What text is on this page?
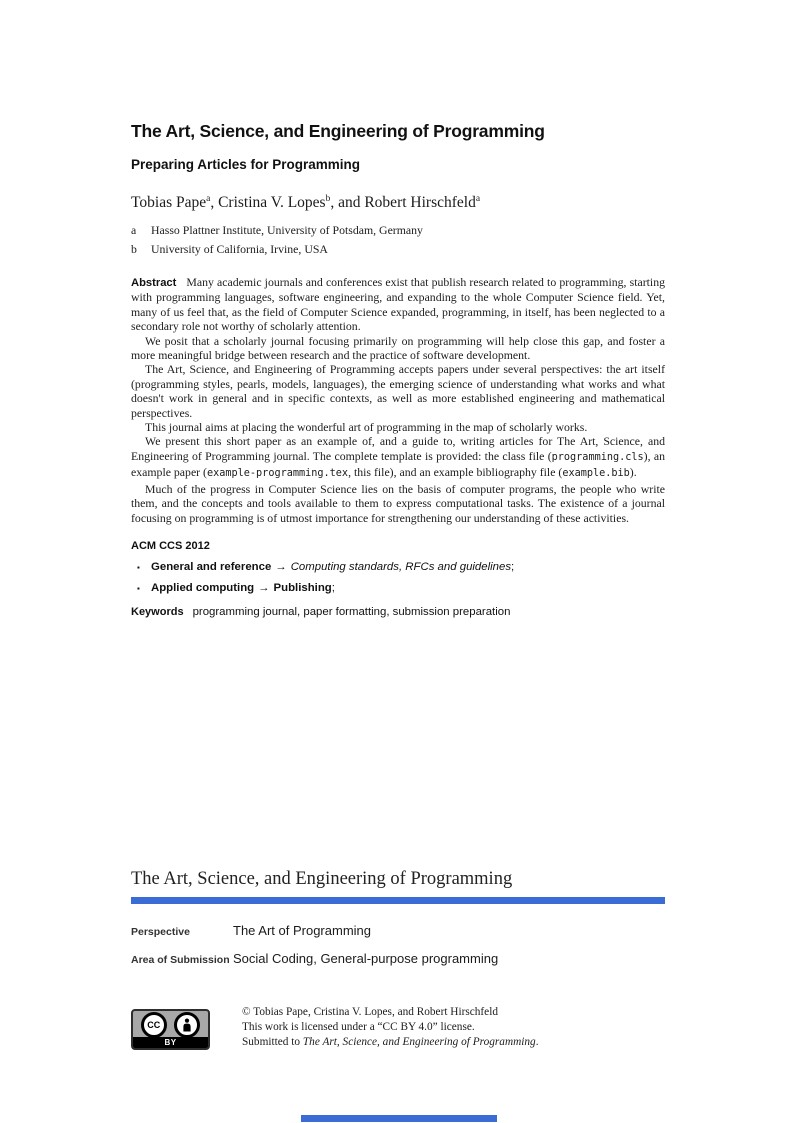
The Art, Science, and Engineering of Programming
Preparing Articles for Programming
Tobias Pape$^a$, Cristina V. Lopes$^b$, and Robert Hirschfeld$^a$
a	Hasso Plattner Institute, University of Potsdam, Germany
b	University of California, Irvine, USA

Abstract Many academic journals and conferences exist that publish research related to programming, starting with programming languages, software engineering, and expanding to the whole Computer Science field. Yet, many of us feel that, as the field of Computer Science expanded, programming, in itself, has been neglected to a secondary role not worthy of scholarly attention.

We posit that a scholarly journal focusing primarily on programming will help close this gap, and foster a more meaningful bridge between research and the practice of software development.

The Art, Science, and Engineering of Programming accepts papers under several perspectives: the art itself (programming styles, pearls, models, languages), the emerging science of understanding what works and what doesn't work in general and in specific contexts, as well as more established engineering and mathematical perspectives.

This journal aims at placing the wonderful art of programming in the map of scholarly works.

We present this short paper as an example of, and a guide to, writing articles for The Art, Science, and Engineering of Programming journal. The complete template is provided: the class file (programming.cls), an example paper (example-programming.tex, this file), and an example bibliography file (example.bib).

Much of the progress in Computer Science lies on the basis of computer programs, the people who write them, and the concepts and tools available to them to express computational tasks. The existence of a journal focusing on programming is of utmost importance for strengthening our understanding of these activities.

ACM CCS 2012
▪ General and reference → Computing standards, RFCs and guidelines;
▪ Applied computing → Publishing;
Keywords programming journal, paper formatting, submission preparation
The Art, Science, and Engineering of Programming
Perspective	The Art of Programming
Area of Submission Social Coding, General-purpose programming
CC
BY
© Tobias Pape, Cristina V. Lopes, and Robert Hirschfeld
This work is licensed under a “CC BY 4.0” license.
Submitted to The Art, Science, and Engineering of Programming.
